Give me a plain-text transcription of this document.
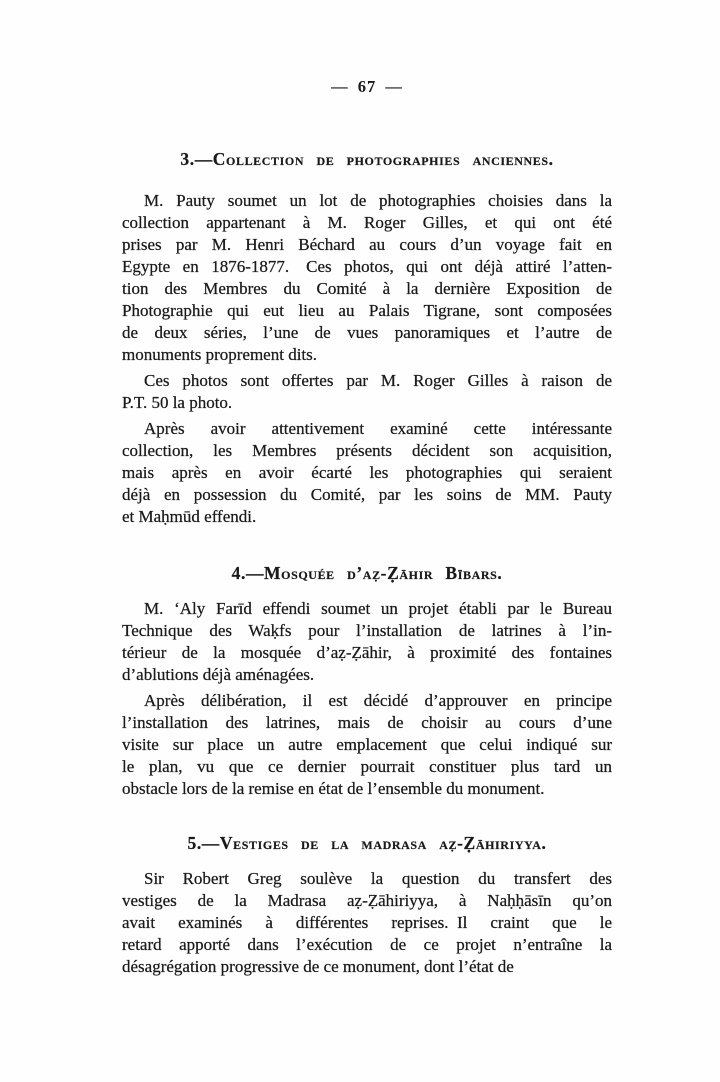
— 67 —
3.—Collection de photographies anciennes.
M. Pauty soumet un lot de photographies choisies dans la
collection appartenant à M. Roger Gilles, et qui ont été
prises par M. Henri Béchard au cours d’un voyage fait en
Egypte en 1876-1877. Ces photos, qui ont déjà attiré l’atten-
tion des Membres du Comité à la dernière Exposition de
Photographie qui eut lieu au Palais Tigrane, sont composées
de deux séries, l’une de vues panoramiques et l’autre de
monuments proprement dits.
Ces photos sont offertes par M. Roger Gilles à raison de
P.T. 50 la photo.
Après avoir attentivement examiné cette intéressante
collection, les Membres présents décident son acquisition,
mais après en avoir écarté les photographies qui seraient
déjà en possession du Comité, par les soins de MM. Pauty
et Maḥmūd effendi.
4.—Mosquée d’aẓ-Ẓāhir Bībars.
M. ‘Aly Farīd effendi soumet un projet établi par le Bureau
Technique des Waḳfs pour l’installation de latrines à l’in-
térieur de la mosquée d’aẓ-Ẓāhir, à proximité des fontaines
d’ablutions déjà aménagées.
Après délibération, il est décidé d’approuver en principe
l’installation des latrines, mais de choisir au cours d’une
visite sur place un autre emplacement que celui indiqué sur
le plan, vu que ce dernier pourrait constituer plus tard un
obstacle lors de la remise en état de l’ensemble du monument.
5.—Vestiges de la madrasa aẓ-Ẓāhiriyya.
Sir Robert Greg soulève la question du transfert des
vestiges de la Madrasa aẓ-Ẓāhiriyya, à Naḥḥāsīn qu’on
avait examinés à différentes reprises. Il craint que le
retard apporté dans l’exécution de ce projet n’entraîne la
désagrégation progressive de ce monument, dont l’état de
